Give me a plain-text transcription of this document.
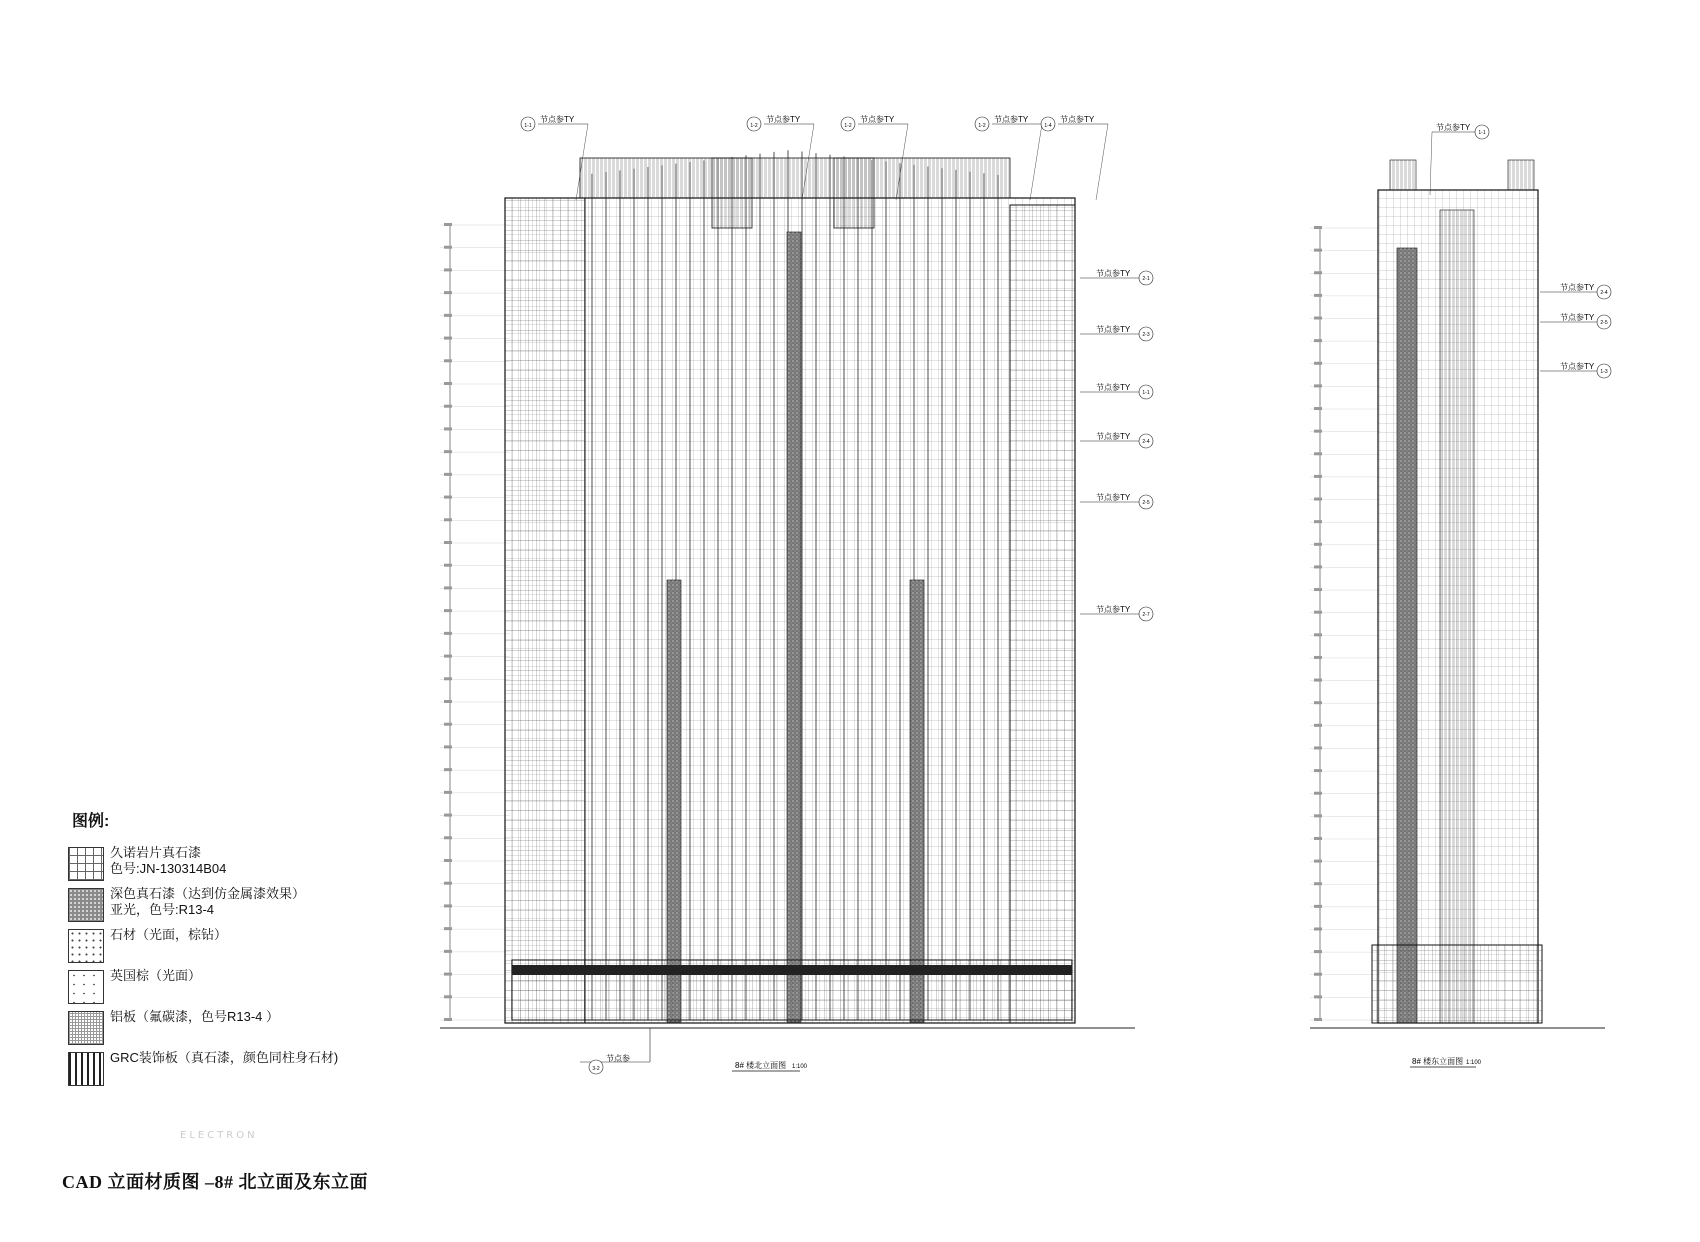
节点参TY
1-1
节点参TY
1-2
节点参TY
1-2
节点参TY
1-2
节点参TY
1-4
节点参TY
2-1
节点参TY
2-3
节点参TY
1-1
节点参TY
2-4
节点参TY
2-5
节点参TY
2-7
节点参
3-2	8# 楼北立面图 1:100
节点参TY
1-1
节点参TY
2-4
节点参TY
2-5
节点参TY
1-3
8# 楼东立面图 1:100
图例:
久诺岩片真石漆
色号:JN-130314B04
深色真石漆（达到仿金属漆效果）
亚光，色号:R13-4
石材（光面，棕钻）
英国棕（光面）
铝板（氟碳漆，色号R13-4 ）
GRC装饰板（真石漆，颜色同柱身石材)
ELECTRON
CAD 立面材质图 –8# 北立面及东立面
